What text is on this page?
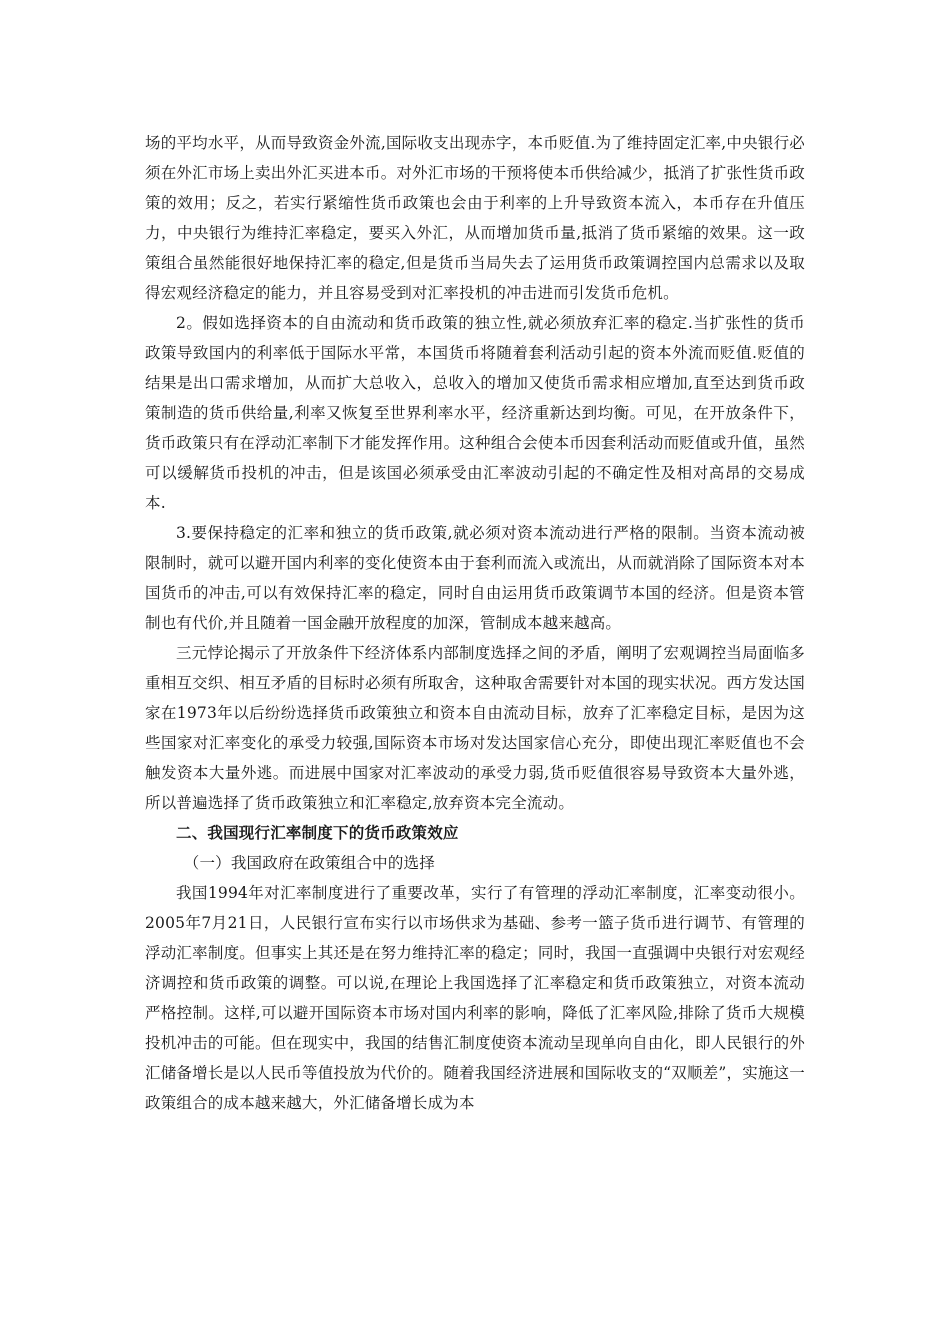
场的平均水平，从而导致资金外流,国际收支出现赤字，本币贬值.为了维持固定汇率,中央银行必须在外汇市场上卖出外汇买进本币。对外汇市场的干预将使本币供给减少，抵消了扩张性货币政策的效用；反之，若实行紧缩性货币政策也会由于利率的上升导致资本流入，本币存在升值压力，中央银行为维持汇率稳定，要买入外汇，从而增加货币量,抵消了货币紧缩的效果。这一政策组合虽然能很好地保持汇率的稳定,但是货币当局失去了运用货币政策调控国内总需求以及取得宏观经济稳定的能力，并且容易受到对汇率投机的冲击进而引发货币危机。

2。假如选择资本的自由流动和货币政策的独立性,就必须放弃汇率的稳定.当扩张性的货币政策导致国内的利率低于国际水平常，本国货币将随着套利活动引起的资本外流而贬值.贬值的结果是出口需求增加，从而扩大总收入，总收入的增加又使货币需求相应增加,直至达到货币政策制造的货币供给量,利率又恢复至世界利率水平，经济重新达到均衡。可见，在开放条件下，货币政策只有在浮动汇率制下才能发挥作用。这种组合会使本币因套利活动而贬值或升值，虽然可以缓解货币投机的冲击，但是该国必须承受由汇率波动引起的不确定性及相对高昂的交易成本.

3.要保持稳定的汇率和独立的货币政策,就必须对资本流动进行严格的限制。当资本流动被限制时，就可以避开国内利率的变化使资本由于套利而流入或流出，从而就消除了国际资本对本国货币的冲击,可以有效保持汇率的稳定，同时自由运用货币政策调节本国的经济。但是资本管制也有代价,并且随着一国金融开放程度的加深，管制成本越来越高。

三元悖论揭示了开放条件下经济体系内部制度选择之间的矛盾，阐明了宏观调控当局面临多重相互交织、相互矛盾的目标时必须有所取舍，这种取舍需要针对本国的现实状况。西方发达国家在1973年以后纷纷选择货币政策独立和资本自由流动目标，放弃了汇率稳定目标，是因为这些国家对汇率变化的承受力较强,国际资本市场对发达国家信心充分，即使出现汇率贬值也不会触发资本大量外逃。而进展中国家对汇率波动的承受力弱,货币贬值很容易导致资本大量外逃，所以普遍选择了货币政策独立和汇率稳定,放弃资本完全流动。

二、我国现行汇率制度下的货币政策效应

（一）我国政府在政策组合中的选择

我国1994年对汇率制度进行了重要改革，实行了有管理的浮动汇率制度，汇率变动很小。2005年7月21日，人民银行宣布实行以市场供求为基础、参考一篮子货币进行调节、有管理的浮动汇率制度。但事实上其还是在努力维持汇率的稳定；同时，我国一直强调中央银行对宏观经济调控和货币政策的调整。可以说,在理论上我国选择了汇率稳定和货币政策独立，对资本流动严格控制。这样,可以避开国际资本市场对国内利率的影响，降低了汇率风险,排除了货币大规模投机冲击的可能。但在现实中，我国的结售汇制度使资本流动呈现单向自由化，即人民银行的外汇储备增长是以人民币等值投放为代价的。随着我国经济进展和国际收支的“双顺差”，实施这一政策组合的成本越来越大，外汇储备增长成为本
